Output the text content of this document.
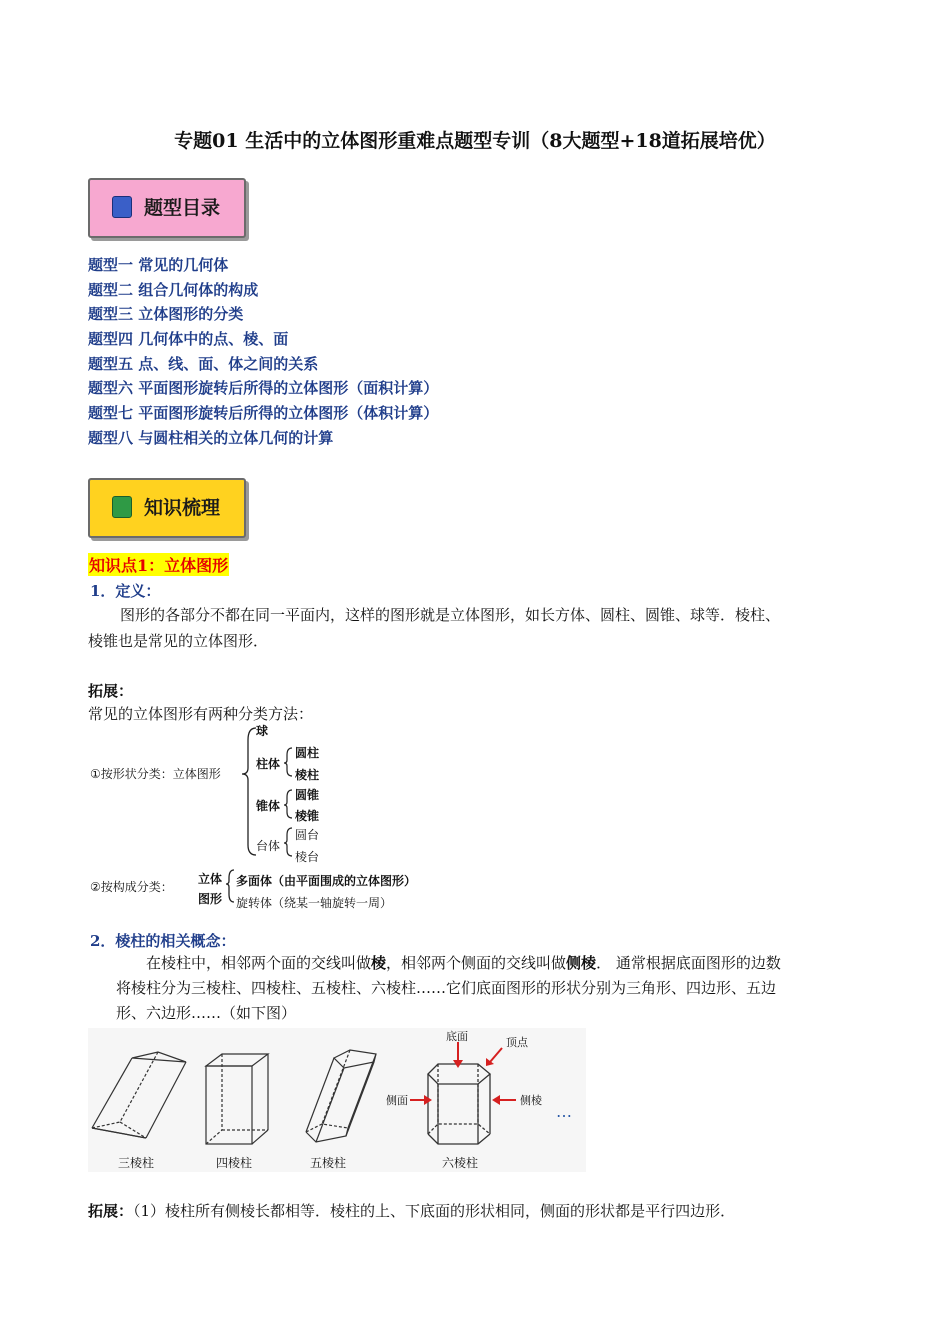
专题01 生活中的立体图形重难点题型专训（8大题型+18道拓展培优）
题型目录
题型一 常见的几何体
题型二 组合几何体的构成
题型三 立体图形的分类
题型四 几何体中的点、棱、面
题型五 点、线、面、体之间的关系
题型六 平面图形旋转后所得的立体图形（面积计算）
题型七 平面图形旋转后所得的立体图形（体积计算）
题型八 与圆柱相关的立体几何的计算
知识梳理
知识点1：立体图形
1．定义：
图形的各部分不都在同一平面内，这样的图形就是立体图形，如长方体、圆柱、圆锥、球等．棱柱、
棱锥也是常见的立体图形．
拓展：
常见的立体图形有两种分类方法：
①按形状分类：立体图形
球
柱体
圆柱
棱柱
锥体
圆锥
棱锥
台体
圆台
棱台
②按构成分类：
立体
图形
多面体（由平面围成的立体图形）
旋转体（绕某一轴旋转一周）
2．棱柱的相关概念：
在棱柱中，相邻两个面的交线叫做棱，相邻两个侧面的交线叫做侧棱． 通常根据底面图形的边数
将棱柱分为三棱柱、四棱柱、五棱柱、六棱柱……它们底面图形的形状分别为三角形、四边形、五边
形、六边形……（如下图）
三棱柱	四棱柱	五棱柱	六棱柱
底面	顶点
侧面	侧棱
…
拓展：（1）棱柱所有侧棱长都相等．棱柱的上、下底面的形状相同，侧面的形状都是平行四边形．
